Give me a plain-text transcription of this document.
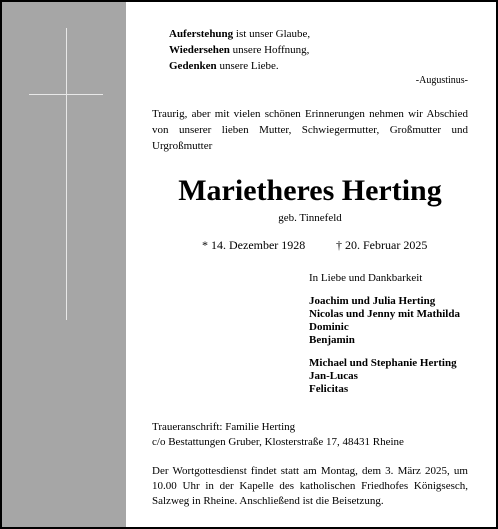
Auferstehung ist unser Glaube,
Wiedersehen unsere Hoffnung,
Gedenken unsere Liebe.
-Augustinus-
Traurig, aber mit vielen schönen Erinnerungen nehmen wir Abschied von unserer lieben Mutter, Schwiegermutter, Großmutter und Urgroßmutter
Marietheres Herting
geb. Tinnefeld
* 14. Dezember 1928	† 20. Februar 2025
In Liebe und Dankbarkeit
Joachim und Julia Herting
Nicolas und Jenny mit Mathilda
Dominic
Benjamin
Michael und Stephanie Herting
Jan-Lucas
Felicitas
Traueranschrift: Familie Herting
c/o Bestattungen Gruber, Klosterstraße 17, 48431 Rheine
Der Wortgottesdienst findet statt am Montag, dem 3. März 2025, um 10.00 Uhr in der Kapelle des katholischen Friedhofes Königsesch, Salzweg in Rheine. Anschließend ist die Beisetzung.
